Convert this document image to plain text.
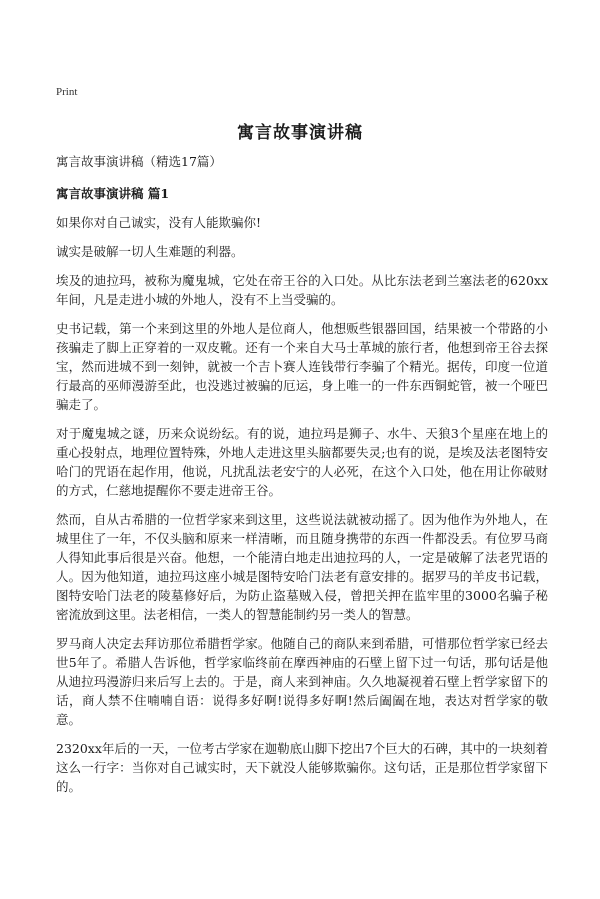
Print
寓言故事演讲稿

寓言故事演讲稿（精选17篇）

寓言故事演讲稿 篇1

如果你对自己诚实，没有人能欺骗你!

诚实是破解一切人生难题的利器。

埃及的迪拉玛，被称为魔鬼城，它处在帝王谷的入口处。从比东法老到兰塞法老的620xx年间，凡是走进小城的外地人，没有不上当受骗的。

史书记载，第一个来到这里的外地人是位商人，他想贩些银器回国，结果被一个带路的小孩骗走了脚上正穿着的一双皮靴。还有一个来自大马士革城的旅行者，他想到帝王谷去探宝，然而进城不到一刻钟，就被一个吉卜赛人连钱带行李骗了个精光。据传，印度一位道行最高的巫师漫游至此，也没逃过被骗的厄运，身上唯一的一件东西铜蛇管，被一个哑巴骗走了。

对于魔鬼城之谜，历来众说纷纭。有的说，迪拉玛是狮子、水牛、天狼3个星座在地上的重心投射点，地理位置特殊，外地人走进这里头脑都要失灵;也有的说，是埃及法老图特安哈门的咒语在起作用，他说，凡扰乱法老安宁的人必死，在这个入口处，他在用让你破财的方式，仁慈地提醒你不要走进帝王谷。

然而，自从古希腊的一位哲学家来到这里，这些说法就被动摇了。因为他作为外地人，在城里住了一年，不仅头脑和原来一样清晰，而且随身携带的东西一件都没丢。有位罗马商人得知此事后很是兴奋。他想，一个能清白地走出迪拉玛的人，一定是破解了法老咒语的人。因为他知道，迪拉玛这座小城是图特安哈门法老有意安排的。据罗马的羊皮书记载，图特安哈门法老的陵墓修好后，为防止盗墓贼入侵，曾把关押在监牢里的3000名骗子秘密流放到这里。法老相信，一类人的智慧能制约另一类人的智慧。

罗马商人决定去拜访那位希腊哲学家。他随自己的商队来到希腊，可惜那位哲学家已经去世5年了。希腊人告诉他，哲学家临终前在摩西神庙的石壁上留下过一句话，那句话是他从迪拉玛漫游归来后写上去的。于是，商人来到神庙。久久地凝视着石壁上哲学家留下的话，商人禁不住喃喃自语：说得多好啊!说得多好啊!然后阖阖在地，表达对哲学家的敬意。

2320xx年后的一天，一位考古学家在迦勒底山脚下挖出7个巨大的石碑，其中的一块刻着这么一行字：当你对自己诚实时，天下就没人能够欺骗你。这句话，正是那位哲学家留下的。
